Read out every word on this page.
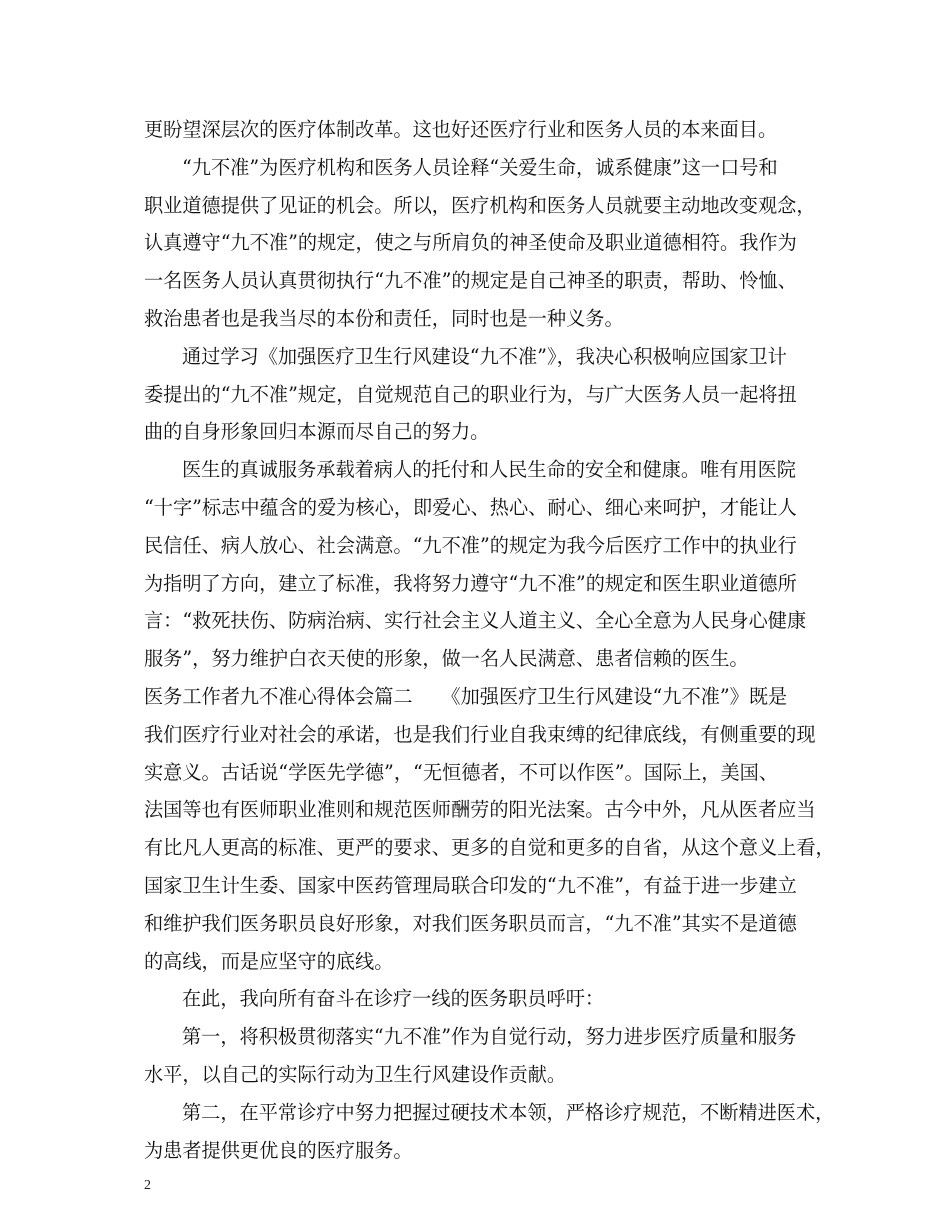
更盼望深层次的医疗体制改革。这也好还医疗行业和医务人员的本来面目。
“九不准”为医疗机构和医务人员诠释“关爱生命，诚系健康”这一口号和
职业道德提供了见证的机会。所以，医疗机构和医务人员就要主动地改变观念，
认真遵守“九不准”的规定，使之与所肩负的神圣使命及职业道德相符。我作为
一名医务人员认真贯彻执行“九不准”的规定是自己神圣的职责，帮助、怜恤、
救治患者也是我当尽的本份和责任，同时也是一种义务。
通过学习《加强医疗卫生行风建设“九不准”》，我决心积极响应国家卫计
委提出的“九不准”规定，自觉规范自己的职业行为，与广大医务人员一起将扭
曲的自身形象回归本源而尽自己的努力。
医生的真诚服务承载着病人的托付和人民生命的安全和健康。唯有用医院
“十字”标志中蕴含的爱为核心，即爱心、热心、耐心、细心来呵护，才能让人
民信任、病人放心、社会满意。“九不准”的规定为我今后医疗工作中的执业行
为指明了方向，建立了标准，我将努力遵守“九不准”的规定和医生职业道德所
言：“救死扶伤、防病治病、实行社会主义人道主义、全心全意为人民身心健康
服务”，努力维护白衣天使的形象，做一名人民满意、患者信赖的医生。
医务工作者九不准心得体会篇二　　《加强医疗卫生行风建设“九不准”》既是
我们医疗行业对社会的承诺，也是我们行业自我束缚的纪律底线，有侧重要的现
实意义。古话说“学医先学德”，“无恒德者，不可以作医”。国际上，美国、
法国等也有医师职业准则和规范医师酬劳的阳光法案。古今中外，凡从医者应当
有比凡人更高的标准、更严的要求、更多的自觉和更多的自省，从这个意义上看，
国家卫生计生委、国家中医药管理局联合印发的“九不准”，有益于进一步建立
和维护我们医务职员良好形象，对我们医务职员而言，“九不准”其实不是道德
的高线，而是应坚守的底线。
在此，我向所有奋斗在诊疗一线的医务职员呼吁：
第一，将积极贯彻落实“九不准”作为自觉行动，努力进步医疗质量和服务
水平，以自己的实际行动为卫生行风建设作贡献。
第二，在平常诊疗中努力把握过硬技术本领，严格诊疗规范，不断精进医术，
为患者提供更优良的医疗服务。
2
